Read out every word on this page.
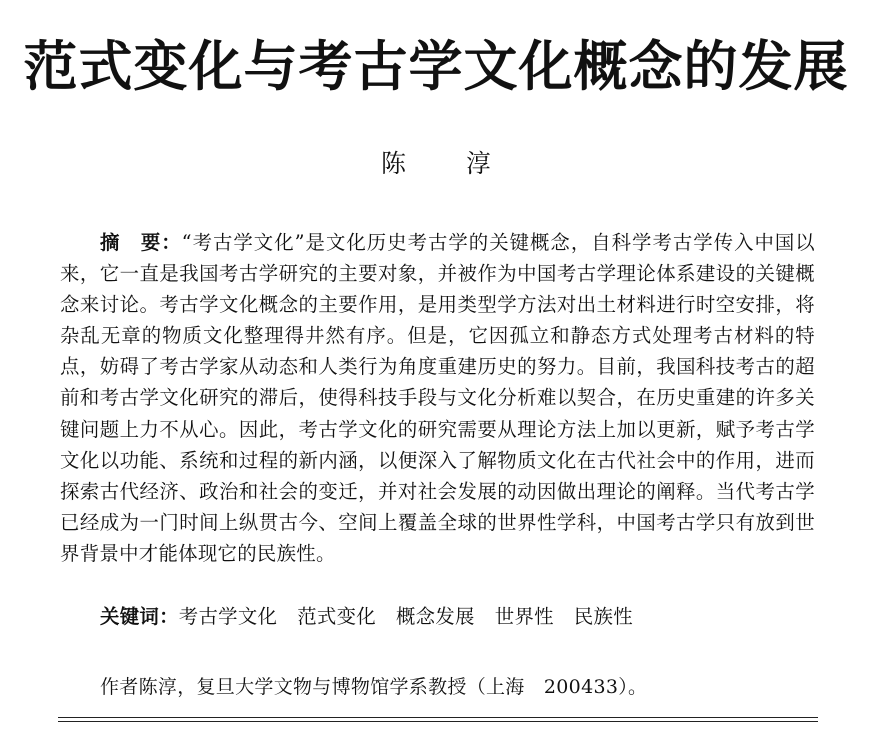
范式变化与考古学文化概念的发展
陈淳

摘　要：“考古学文化”是文化历史考古学的关键概念，自科学考古学传入中国以来，它一直是我国考古学研究的主要对象，并被作为中国考古学理论体系建设的关键概念来讨论。考古学文化概念的主要作用，是用类型学方法对出土材料进行时空安排，将杂乱无章的物质文化整理得井然有序。但是，它因孤立和静态方式处理考古材料的特点，妨碍了考古学家从动态和人类行为角度重建历史的努力。目前，我国科技考古的超前和考古学文化研究的滞后，使得科技手段与文化分析难以契合，在历史重建的许多关键问题上力不从心。因此，考古学文化的研究需要从理论方法上加以更新，赋予考古学文化以功能、系统和过程的新内涵，以便深入了解物质文化在古代社会中的作用，进而探索古代经济、政治和社会的变迁，并对社会发展的动因做出理论的阐释。当代考古学已经成为一门时间上纵贯古今、空间上覆盖全球的世界性学科，中国考古学只有放到世界背景中才能体现它的民族性。

关键词：考古学文化 范式变化 概念发展 世界性 民族性

作者陈淳，复旦大学文物与博物馆学系教授（上海　200433）。
